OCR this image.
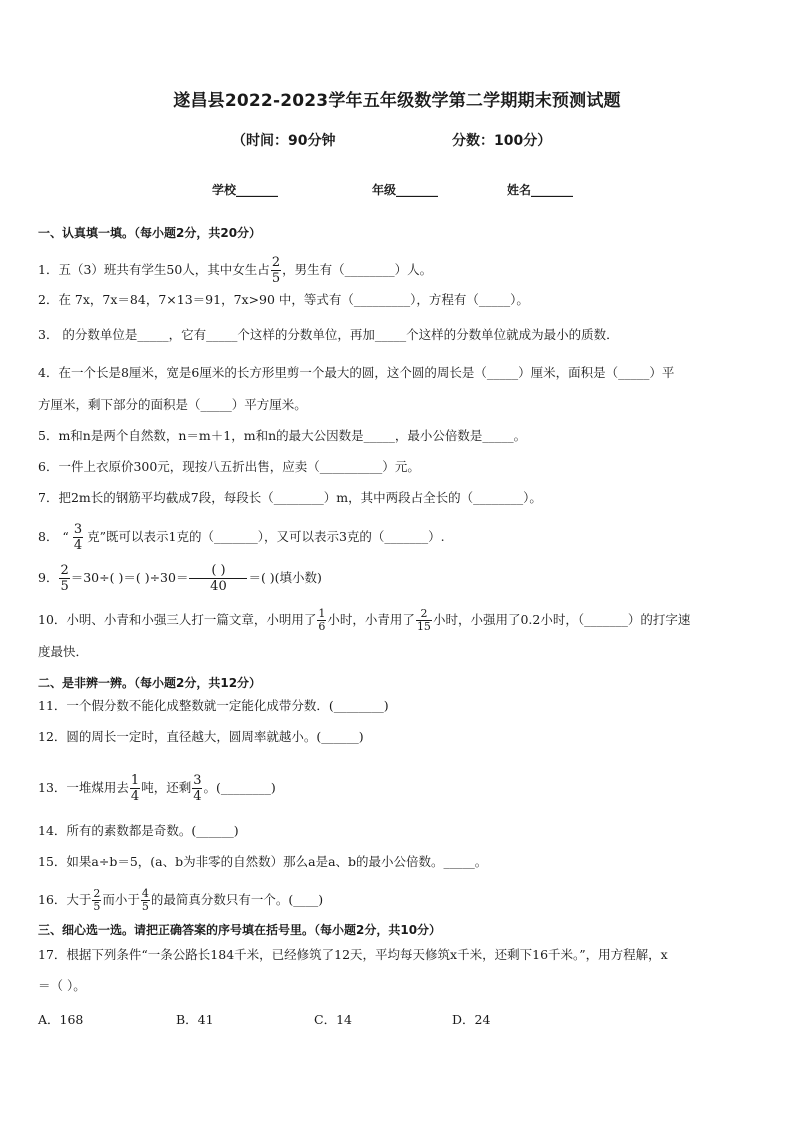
遂昌县2022-2023学年五年级数学第二学期期末预测试题
（时间：90分钟	分数：100分）
学校_______	年级_______	姓名_______
一、认真填一填。（每小题2分，共20分）
1．五（3）班共有学生50人，其中女生占 $\frac{2}{5}$ ，男生有（________）人。
2．在 7x，7x＝84，7×13＝91，7x>90 中，等式有（_________），方程有（_____）。
3． 的分数单位是_____，它有_____个这样的分数单位，再加_____个这样的分数单位就成为最小的质数．
4．在一个长是8厘米，宽是6厘米的长方形里剪一个最大的圆，这个圆的周长是（_____）厘米，面积是（_____）平
方厘米，剩下部分的面积是（_____）平方厘米。
5．m和n是两个自然数，n＝m＋1，m和n的最大公因数是_____，最小公倍数是_____。
6．一件上衣原价300元，现按八五折出售，应卖（__________）元。
7．把2m长的钢筋平均截成7段，每段长（________）m，其中两段占全长的（________）。
8． “ $\frac{3}{4}$ 克”既可以表示1克的（_______），又可以表示3克的（_______）.
9． $\frac{2}{5} =30\div$( )＝( )$\div 30= \frac{( )}{40}$ ＝( )(填小数)
10．小明、小青和小强三人打一篇文章，小明用了 $\frac{1}{6}$ 小时，小青用了 $\frac{2}{15}$ 小时，小强用了0.2小时，（_______）的打字速
度最快．
二、是非辨一辨。（每小题2分，共12分）
11．一个假分数不能化成整数就一定能化成带分数．(________)
12．圆的周长一定时，直径越大，圆周率就越小。(______)
13．一堆煤用去 $\frac{1}{4}$ 吨，还剩 $\frac{3}{4}$ 。(________)
14．所有的素数都是奇数。(______)
15．如果a÷b＝5，(a、b为非零的自然数）那么a是a、b的最小公倍数。_____。
16．大于 $\frac{2}{5}$ 而小于 $\frac{4}{5}$ 的最简真分数只有一个。(____)
三、细心选一选。请把正确答案的序号填在括号里。（每小题2分，共10分）
17．根据下列条件“一条公路长184千米，已经修筑了12天，平均每天修筑x千米，还剩下16千米。”，用方程解，x
＝（ ）。
A．168	B．41	C．14	D．24
